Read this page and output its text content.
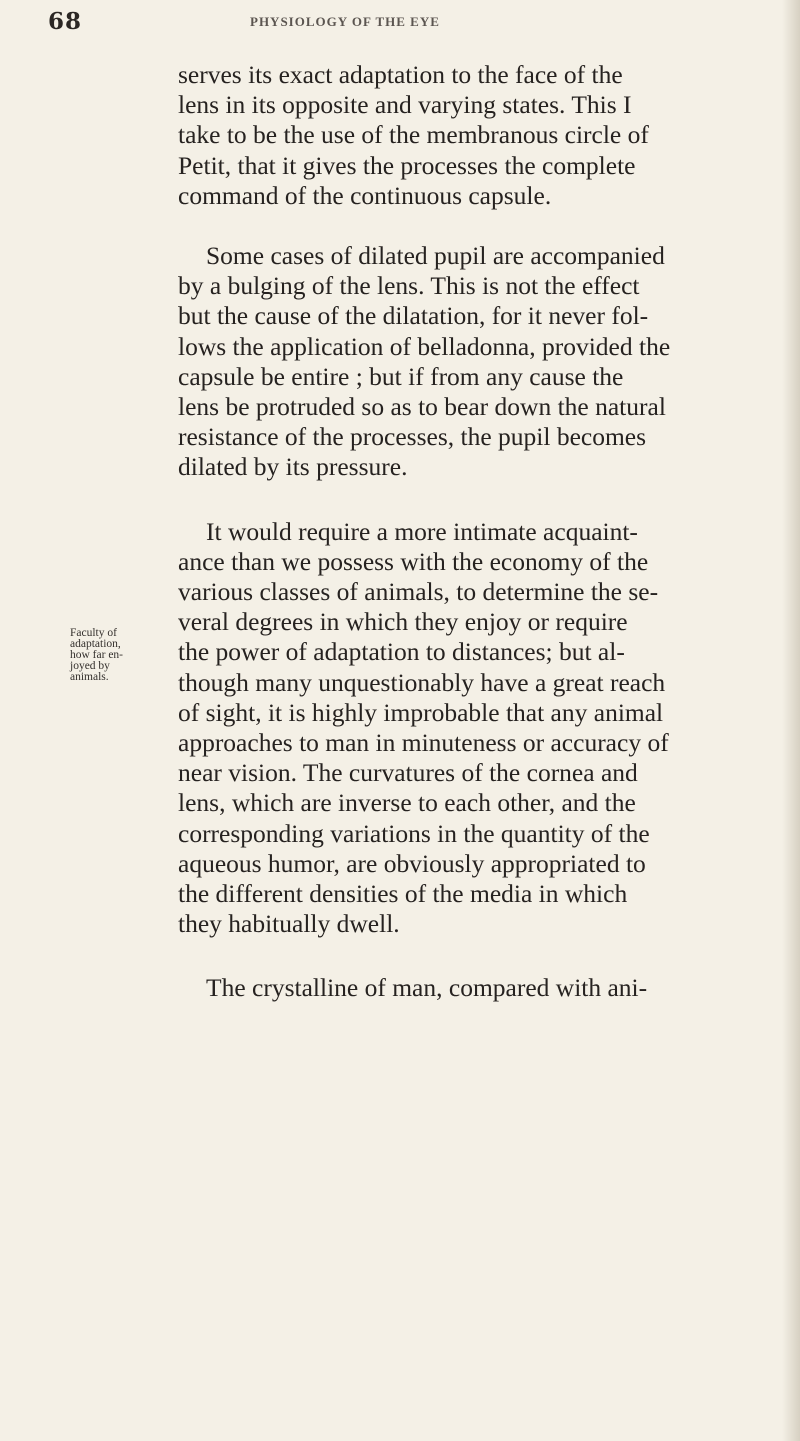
68	PHYSIOLOGY OF THE EYE
Faculty of
adaptation,
how far en-
joyed by
animals.

serves its exact adaptation to the face of the
lens in its opposite and varying states. This I
take to be the use of the membranous circle of
Petit, that it gives the processes the complete
command of the continuous capsule.

Some cases of dilated pupil are accompanied
by a bulging of the lens. This is not the effect
but the cause of the dilatation, for it never fol-
lows the application of belladonna, provided the
capsule be entire ; but if from any cause the
lens be protruded so as to bear down the natural
resistance of the processes, the pupil becomes
dilated by its pressure.

It would require a more intimate acquaint-
ance than we possess with the economy of the
various classes of animals, to determine the se-
veral degrees in which they enjoy or require
the power of adaptation to distances; but al-
though many unquestionably have a great reach
of sight, it is highly improbable that any animal
approaches to man in minuteness or accuracy of
near vision. The curvatures of the cornea and
lens, which are inverse to each other, and the
corresponding variations in the quantity of the
aqueous humor, are obviously appropriated to
the different densities of the media in which
they habitually dwell.

The crystalline of man, compared with ani-
